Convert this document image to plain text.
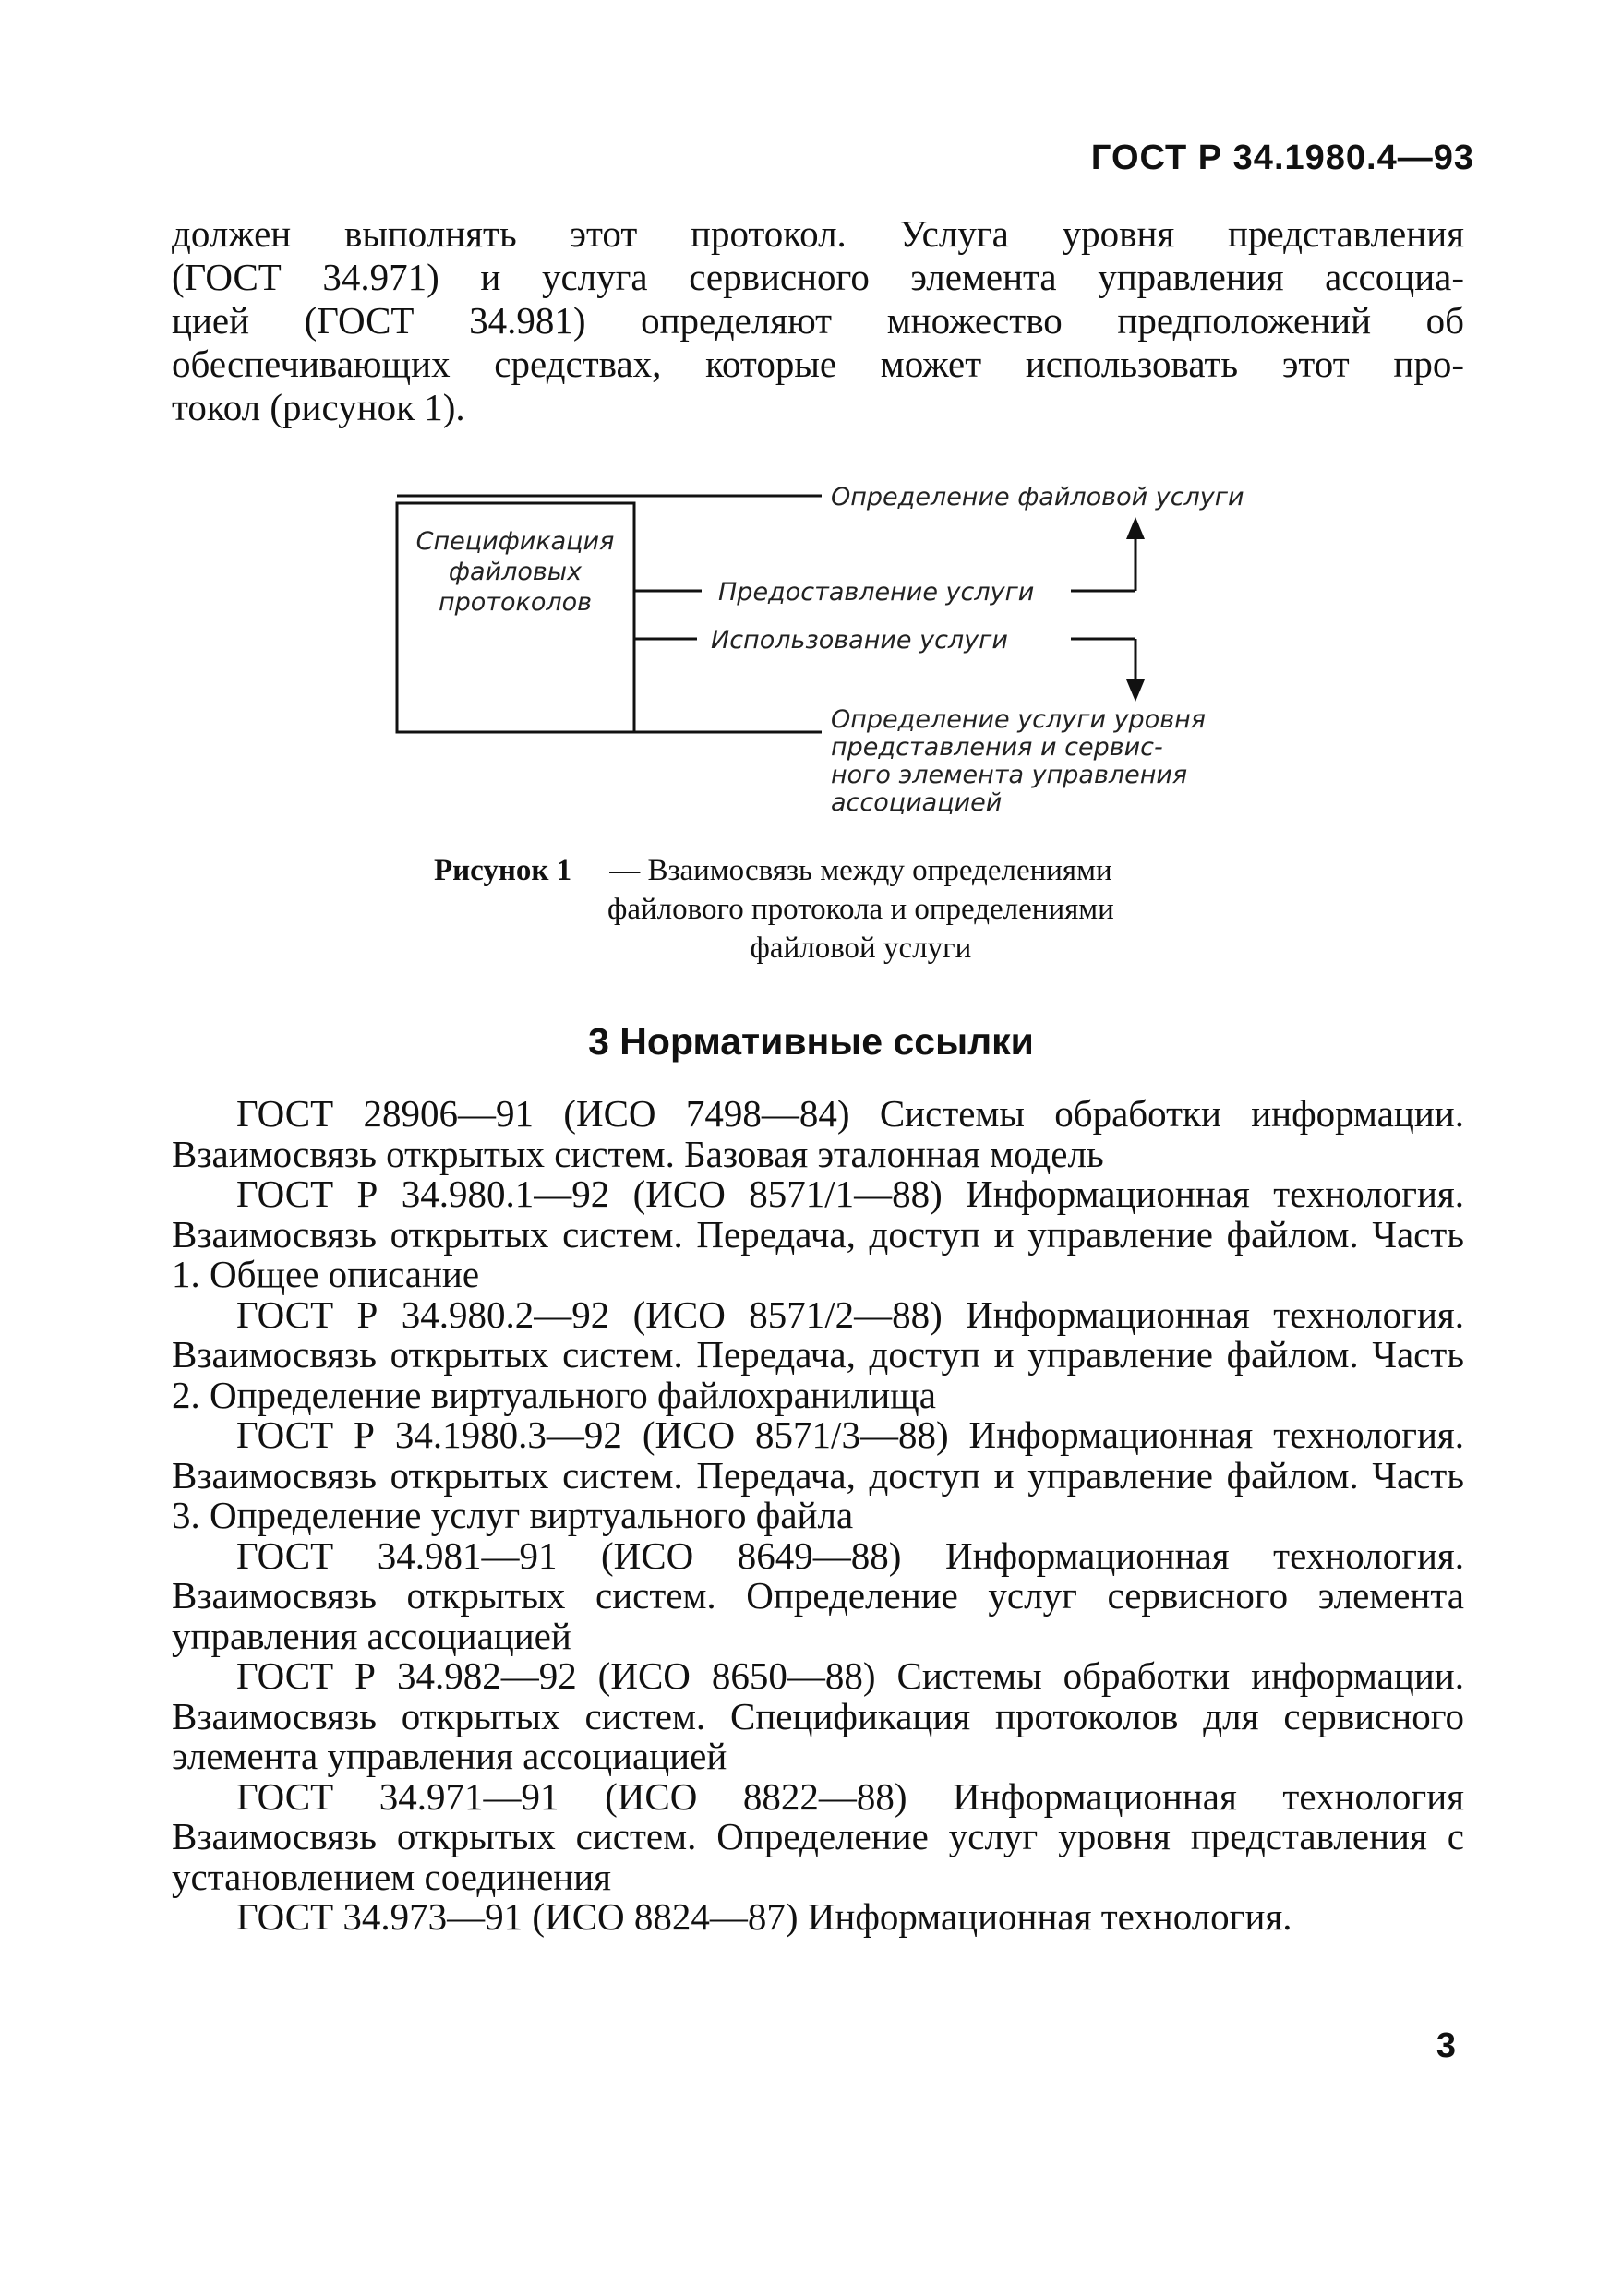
ГОСТ Р 34.1980.4—93
должен выполнять этот протокол. Услуга уровня представления
(ГОСТ 34.971) и услуга сервисного элемента управления ассоциа-
цией (ГОСТ 34.981) определяют множество предположений об
обеспечивающих средствах, которые может использовать этот про-
токол (рисунок 1).
Спецификация
файловых
протоколов
Определение файловой услуги
Предоставление услуги
Использование услуги
Определение услуги уровня
представления и сервис-
ного элемента управления
ассоциацией
Рисунок 1 — Взаимосвязь между определениями файлового протокола и определениями файловой услуги
3 Нормативные ссылки

ГОСТ 28906—91 (ИСО 7498—84) Системы обработки информации. Взаимосвязь открытых систем. Базовая эталонная модель

ГОСТ Р 34.980.1—92 (ИСО 8571/1—88) Информационная технология. Взаимосвязь открытых систем. Передача, доступ и управление файлом. Часть 1. Общее описание

ГОСТ Р 34.980.2—92 (ИСО 8571/2—88) Информационная технология. Взаимосвязь открытых систем. Передача, доступ и управление файлом. Часть 2. Определение виртуального файлохранилища

ГОСТ Р 34.1980.3—92 (ИСО 8571/3—88) Информационная технология. Взаимосвязь открытых систем. Передача, доступ и управление файлом. Часть 3. Определение услуг виртуального файла

ГОСТ 34.981—91 (ИСО 8649—88) Информационная технология. Взаимосвязь открытых систем. Определение услуг сервисного элемента управления ассоциацией

ГОСТ Р 34.982—92 (ИСО 8650—88) Системы обработки информации. Взаимосвязь открытых систем. Спецификация протоколов для сервисного элемента управления ассоциацией

ГОСТ 34.971—91 (ИСО 8822—88) Информационная технология Взаимосвязь открытых систем. Определение услуг уровня представления с установлением соединения

ГОСТ 34.973—91 (ИСО 8824—87) Информационная технология.

3
